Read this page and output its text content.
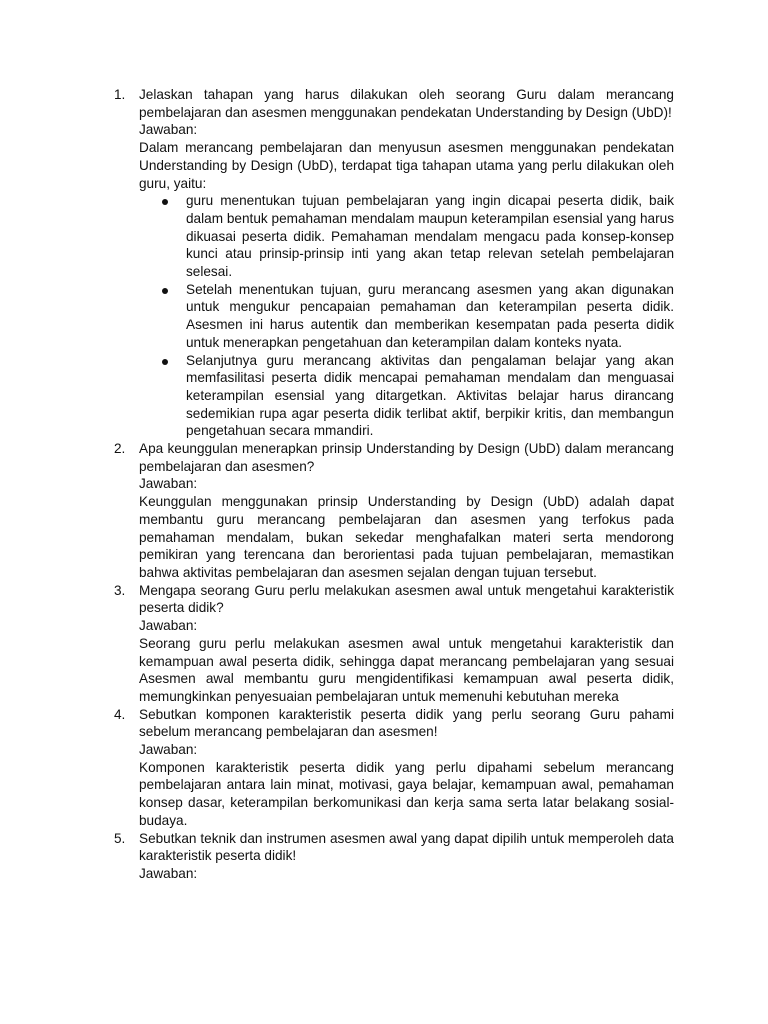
1. Jelaskan tahapan yang harus dilakukan oleh seorang Guru dalam merancang pembelajaran dan asesmen menggunakan pendekatan Understanding by Design (UbD)!

Jawaban:

Dalam merancang pembelajaran dan menyusun asesmen menggunakan pendekatan Understanding by Design (UbD), terdapat tiga tahapan utama yang perlu dilakukan oleh guru, yaitu:

guru menentukan tujuan pembelajaran yang ingin dicapai peserta didik, baik dalam bentuk pemahaman mendalam maupun keterampilan esensial yang harus dikuasai peserta didik. Pemahaman mendalam mengacu pada konsep-konsep kunci atau prinsip-prinsip inti yang akan tetap relevan setelah pembelajaran selesai.
Setelah menentukan tujuan, guru merancang asesmen yang akan digunakan untuk mengukur pencapaian pemahaman dan keterampilan peserta didik. Asesmen ini harus autentik dan memberikan kesempatan pada peserta didik untuk menerapkan pengetahuan dan keterampilan dalam konteks nyata.
Selanjutnya guru merancang aktivitas dan pengalaman belajar yang akan memfasilitasi peserta didik mencapai pemahaman mendalam dan menguasai keterampilan esensial yang ditargetkan. Aktivitas belajar harus dirancang sedemikian rupa agar peserta didik terlibat aktif, berpikir kritis, dan membangun pengetahuan secara mmandiri.
2. Apa keunggulan menerapkan prinsip Understanding by Design (UbD) dalam merancang pembelajaran dan asesmen?

Jawaban:

Keunggulan menggunakan prinsip Understanding by Design (UbD) adalah dapat membantu guru merancang pembelajaran dan asesmen yang terfokus pada pemahaman mendalam, bukan sekedar menghafalkan materi serta mendorong pemikiran yang terencana dan berorientasi pada tujuan pembelajaran, memastikan bahwa aktivitas pembelajaran dan asesmen sejalan dengan tujuan tersebut.

3. Mengapa seorang Guru perlu melakukan asesmen awal untuk mengetahui karakteristik peserta didik?

Jawaban:

Seorang guru perlu melakukan asesmen awal untuk mengetahui karakteristik dan kemampuan awal peserta didik, sehingga dapat merancang pembelajaran yang sesuai Asesmen awal membantu guru mengidentifikasi kemampuan awal peserta didik, memungkinkan penyesuaian pembelajaran untuk memenuhi kebutuhan mereka

4. Sebutkan komponen karakteristik peserta didik yang perlu seorang Guru pahami sebelum merancang pembelajaran dan asesmen!

Jawaban:

Komponen karakteristik peserta didik yang perlu dipahami sebelum merancang pembelajaran antara lain minat, motivasi, gaya belajar, kemampuan awal, pemahaman konsep dasar, keterampilan berkomunikasi dan kerja sama serta latar belakang sosial-budaya.

5. Sebutkan teknik dan instrumen asesmen awal yang dapat dipilih untuk memperoleh data karakteristik peserta didik!

Jawaban:
